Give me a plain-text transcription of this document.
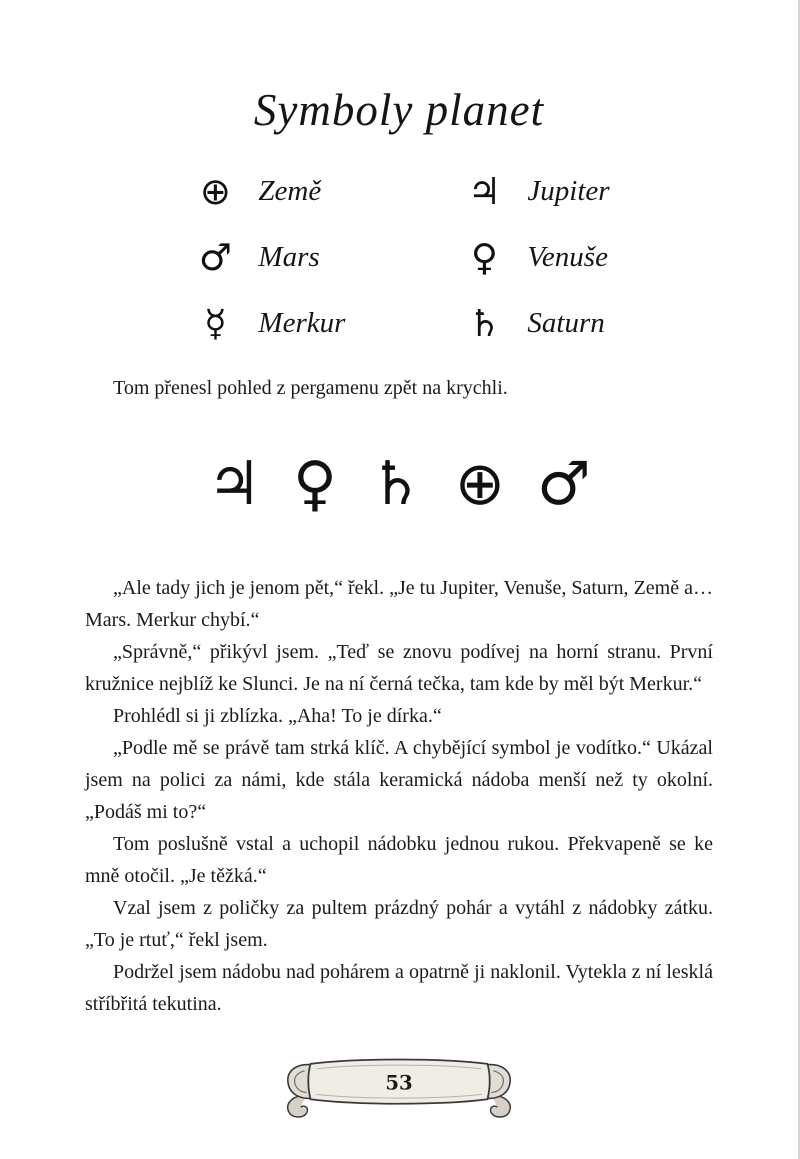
Symboly planet
⊕ Země
♂ Mars
☿	Merkur
♃ Jupiter
♀	Venuše
♄ Saturn

Tom přenesl pohled z pergamenu zpět na krychli.

♃ ♀ ♄ ⊕ ♂

„Ale tady jich je jenom pět,“ řekl. „Je tu Jupiter, Venuše, Saturn, Země a… Mars. Merkur chybí.“

„Správně,“ přikývl jsem. „Teď se znovu podívej na horní stranu. První kružnice nejblíž ke Slunci. Je na ní černá tečka, tam kde by měl být Merkur.“

Prohlédl si ji zblízka. „Aha! To je dírka.“

„Podle mě se právě tam strká klíč. A chybějící symbol je vodítko.“ Ukázal jsem na polici za námi, kde stála keramická nádoba menší než ty okolní. „Podáš mi to?“

Tom poslušně vstal a uchopil nádobku jednou rukou. Překvapeně se ke mně otočil. „Je těžká.“

Vzal jsem z poličky za pultem prázdný pohár a vytáhl z nádobky zátku. „To je rtuť,“ řekl jsem.

Podržel jsem nádobu nad pohárem a opatrně ji naklonil. Vytekla z ní lesklá stříbřitá tekutina.

53
